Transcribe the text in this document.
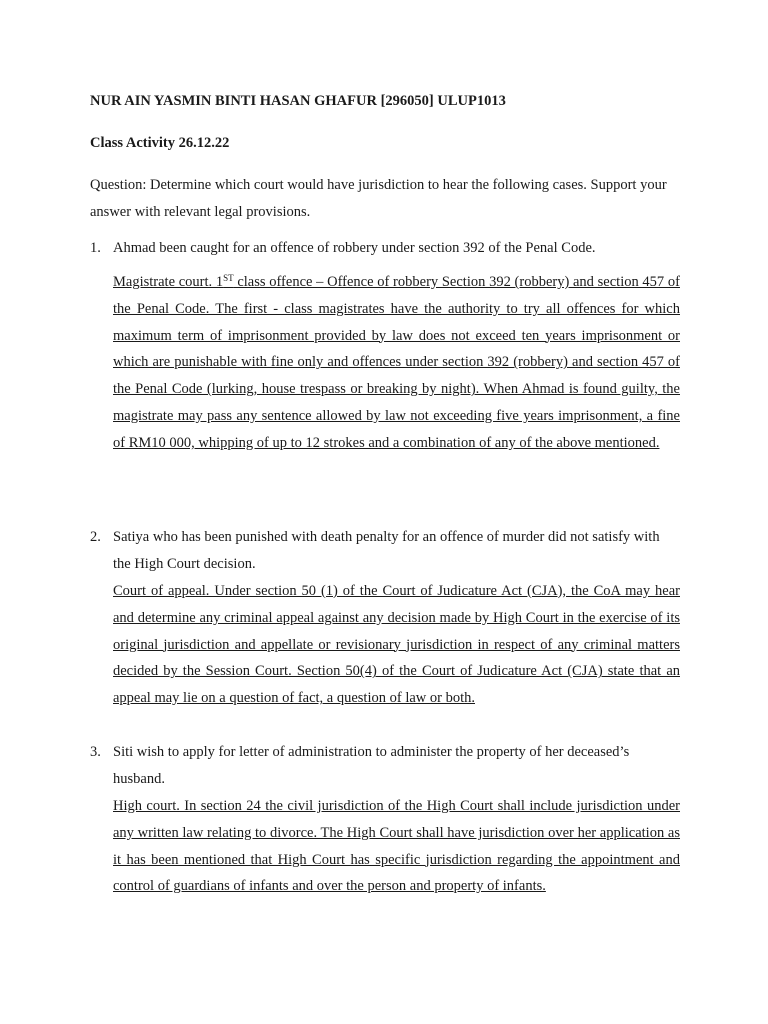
NUR AIN YASMIN BINTI HASAN GHAFUR [296050] ULUP1013
Class Activity 26.12.22
Question: Determine which court would have jurisdiction to hear the following cases. Support your answer with relevant legal provisions.
1. Ahmad been caught for an offence of robbery under section 392 of the Penal Code.
Magistrate court. 1ST class offence – Offence of robbery Section 392 (robbery) and section 457 of the Penal Code. The first - class magistrates have the authority to try all offences for which maximum term of imprisonment provided by law does not exceed ten years imprisonment or which are punishable with fine only and offences under section 392 (robbery) and section 457 of the Penal Code (lurking, house trespass or breaking by night). When Ahmad is found guilty, the magistrate may pass any sentence allowed by law not exceeding five years imprisonment, a fine of RM10 000, whipping of up to 12 strokes and a combination of any of the above mentioned.
2. Satiya who has been punished with death penalty for an offence of murder did not satisfy with the High Court decision.
Court of appeal. Under section 50 (1) of the Court of Judicature Act (CJA), the CoA may hear and determine any criminal appeal against any decision made by High Court in the exercise of its original jurisdiction and appellate or revisionary jurisdiction in respect of any criminal matters decided by the Session Court. Section 50(4) of the Court of Judicature Act (CJA) state that an appeal may lie on a question of fact, a question of law or both.
3. Siti wish to apply for letter of administration to administer the property of her deceased’s husband.
High court. In section 24 the civil jurisdiction of the High Court shall include jurisdiction under any written law relating to divorce. The High Court shall have jurisdiction over her application as it has been mentioned that High Court has specific jurisdiction regarding the appointment and control of guardians of infants and over the person and property of infants.
